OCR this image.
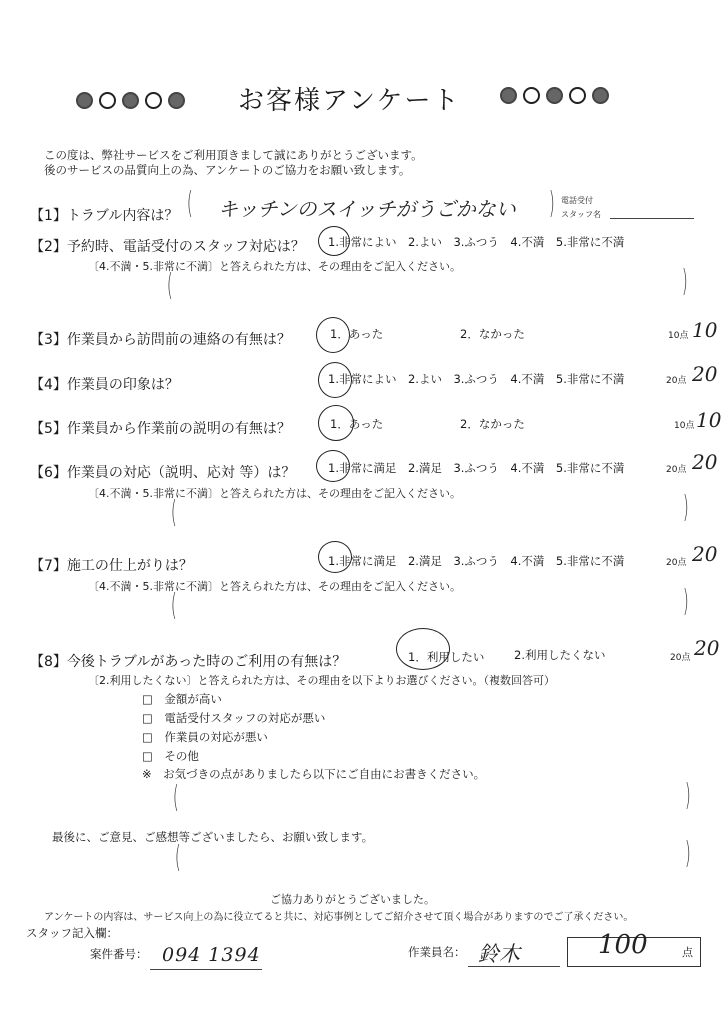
お客様アンケート
この度は、弊社サービスをご利用頂きまして誠にありがとうございます。
後のサービスの品質向上の為、アンケートのご協力をお願い致します。
【1】トラブル内容は？ ( キッチンのスイッチがうごかない ) 電話受付
スタッフ名
【2】予約時、電話受付のスタッフ対応は？ 1.非常によい　2.よい　3.ふつう　4.不満　5.非常に不満
〔4.不満・5.非常に不満〕と答えられた方は、その理由をご記入ください。
(	)
【3】作業員から訪問前の連絡の有無は？	1．あった	2．なかった	10点 10
【4】作業員の印象は？	1.非常によい　2.よい　3.ふつう　4.不満　5.非常に不満	20点 20
【5】作業員から作業前の説明の有無は？	1．あった	2．なかった	10点 10
【6】作業員の対応（説明、応対 等）は？	1.非常に満足　2.満足　3.ふつう　4.不満　5.非常に不満	20点 20
〔4.不満・5.非常に不満〕と答えられた方は、その理由をご記入ください。
(	)
【7】施工の仕上がりは？	1.非常に満足　2.満足　3.ふつう　4.不満　5.非常に不満	20点 20
〔4.不満・5.非常に不満〕と答えられた方は、その理由をご記入ください。
(	)
【8】今後トラブルがあった時のご利用の有無は？	1．利用したい	2.利用したくない	20点 20
〔2.利用したくない〕と答えられた方は、その理由を以下よりお選びください。（複数回答可）
□　金額が高い
□　電話受付スタッフの対応が悪い
□　作業員の対応が悪い
□　その他
※　お気づきの点がありましたら以下にご自由にお書きください。
(	)
最後に、ご意見、ご感想等ございましたら、お願い致します。
(	)
ご協力ありがとうございました。
アンケートの内容は、サービス向上の為に役立てると共に、対応事例としてご紹介させて頂く場合がありますのでご了承ください。
スタッフ記入欄：
案件番号： 094 1394	作業員名： 鈴木	100	点
